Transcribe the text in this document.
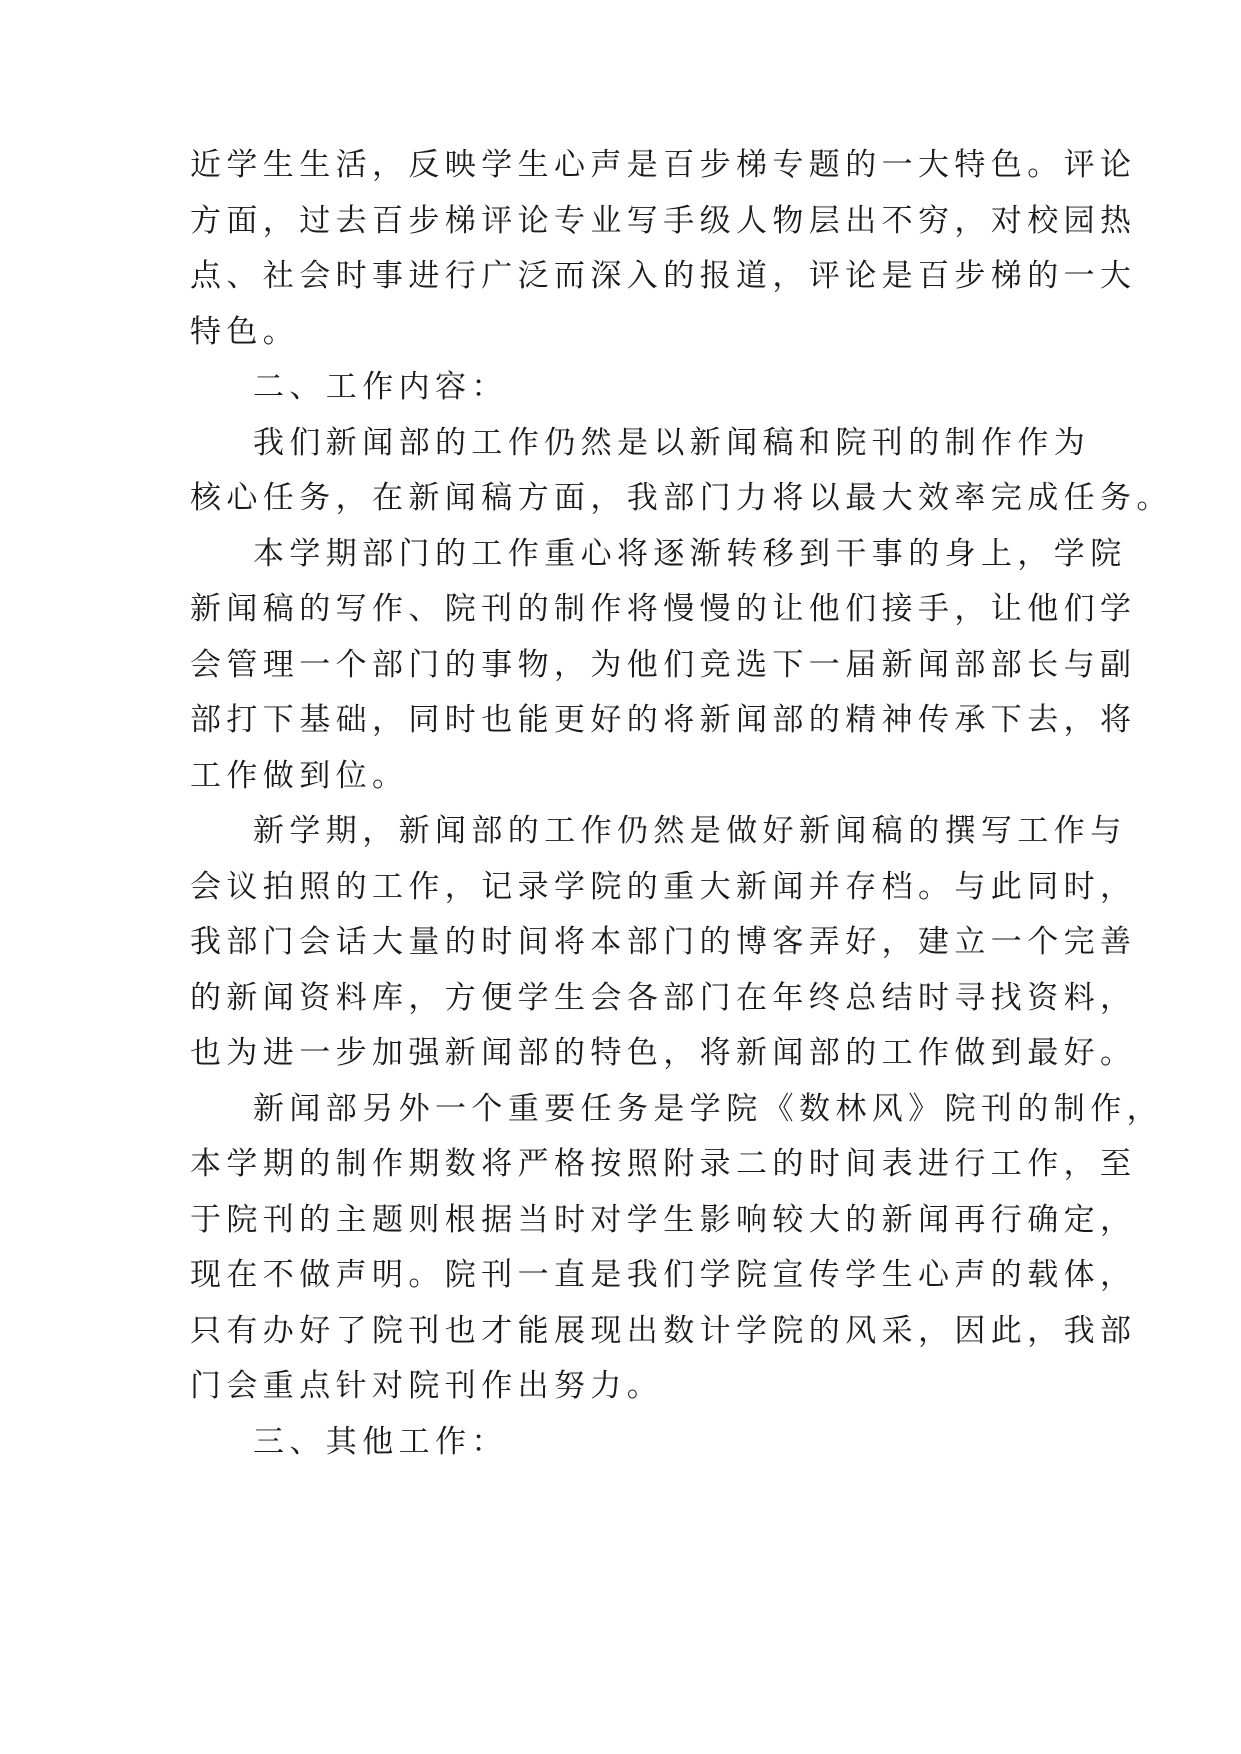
近学生生活，反映学生心声是百步梯专题的一大特色。评论
方面，过去百步梯评论专业写手级人物层出不穷，对校园热
点、社会时事进行广泛而深入的报道，评论是百步梯的一大
特色。
二、工作内容：
我们新闻部的工作仍然是以新闻稿和院刊的制作作为
核心任务，在新闻稿方面，我部门力将以最大效率完成任务。
本学期部门的工作重心将逐渐转移到干事的身上，学院
新闻稿的写作、院刊的制作将慢慢的让他们接手，让他们学
会管理一个部门的事物，为他们竞选下一届新闻部部长与副
部打下基础，同时也能更好的将新闻部的精神传承下去，将
工作做到位。
新学期，新闻部的工作仍然是做好新闻稿的撰写工作与
会议拍照的工作，记录学院的重大新闻并存档。与此同时，
我部门会话大量的时间将本部门的博客弄好，建立一个完善
的新闻资料库，方便学生会各部门在年终总结时寻找资料，
也为进一步加强新闻部的特色，将新闻部的工作做到最好。
新闻部另外一个重要任务是学院《数林风》院刊的制作，
本学期的制作期数将严格按照附录二的时间表进行工作，至
于院刊的主题则根据当时对学生影响较大的新闻再行确定，
现在不做声明。院刊一直是我们学院宣传学生心声的载体，
只有办好了院刊也才能展现出数计学院的风采，因此，我部
门会重点针对院刊作出努力。
三、其他工作：
